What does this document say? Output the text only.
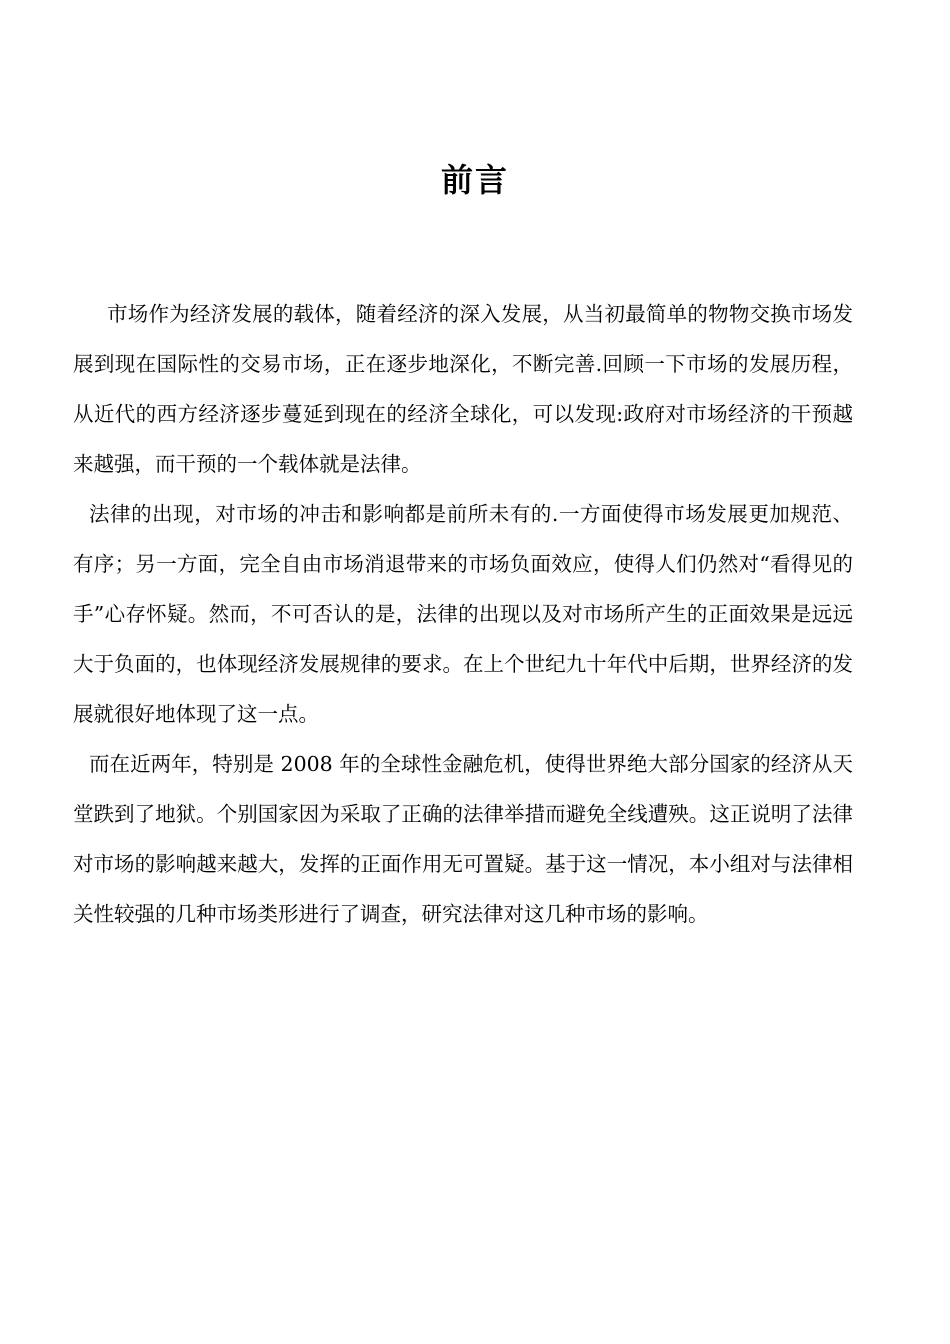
前言

市场作为经济发展的载体，随着经济的深入发展，从当初最简单的物物交换市场发展到现在国际性的交易市场，正在逐步地深化，不断完善.回顾一下市场的发展历程，从近代的西方经济逐步蔓延到现在的经济全球化，可以发现:政府对市场经济的干预越来越强，而干预的一个载体就是法律。

法律的出现，对市场的冲击和影响都是前所未有的.一方面使得市场发展更加规范、有序；另一方面，完全自由市场消退带来的市场负面效应，使得人们仍然对“看得见的手”心存怀疑。然而，不可否认的是，法律的出现以及对市场所产生的正面效果是远远大于负面的，也体现经济发展规律的要求。在上个世纪九十年代中后期，世界经济的发展就很好地体现了这一点。

而在近两年，特别是 2008 年的全球性金融危机，使得世界绝大部分国家的经济从天堂跌到了地狱。个别国家因为采取了正确的法律举措而避免全线遭殃。这正说明了法律对市场的影响越来越大，发挥的正面作用无可置疑。基于这一情况，本小组对与法律相关性较强的几种市场类形进行了调查，研究法律对这几种市场的影响。
